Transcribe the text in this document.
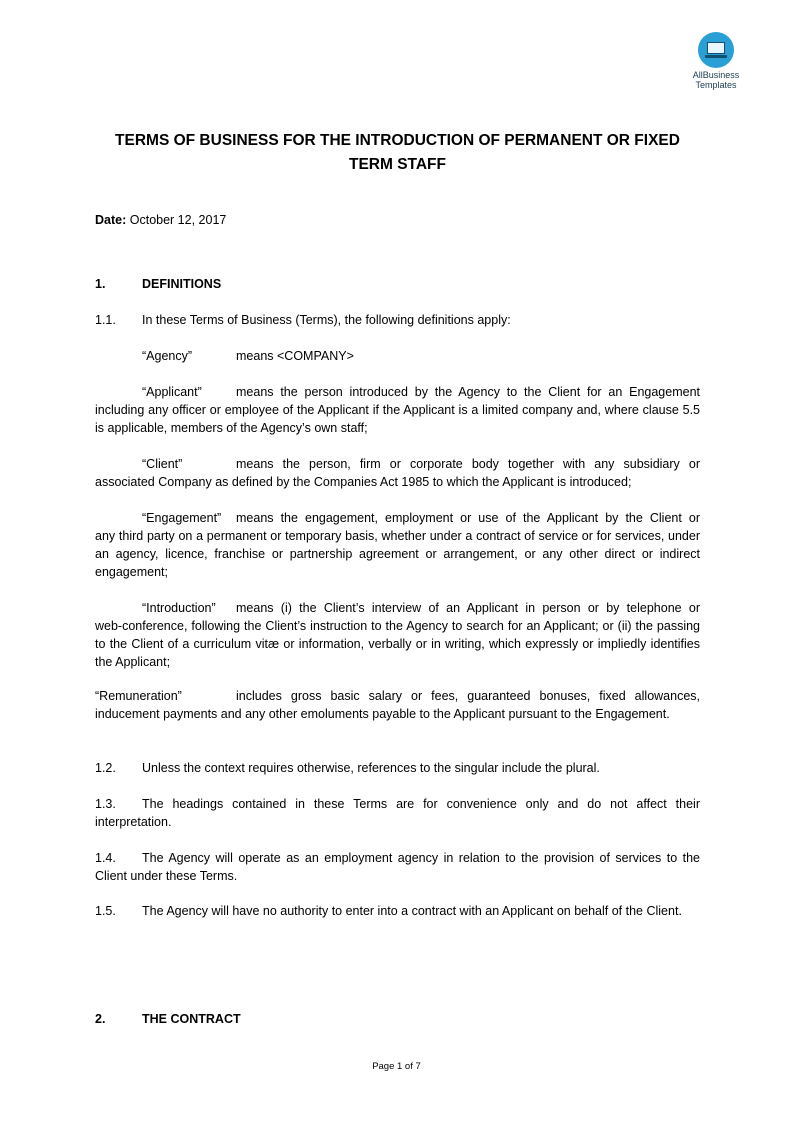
AllBusiness
Templates
TERMS OF BUSINESS FOR THE INTRODUCTION OF PERMANENT OR FIXED TERM STAFF
Date: October 12, 2017
1.	DEFINITIONS
1.1. In these Terms of Business (Terms), the following definitions apply:
“Agency”	means <COMPANY>
“Applicant”	means the person introduced by the Agency to the Client for an Engagement
including any officer or employee of the Applicant if the Applicant is a limited company and, where clause 5.5 is applicable, members of the Agency’s own staff;
“Client”	means the person, firm or corporate body together with any subsidiary or
associated Company as defined by the Companies Act 1985 to which the Applicant is introduced;
“Engagement” means the engagement, employment or use of the Applicant by the Client or
any third party on a permanent or temporary basis, whether under a contract of service or for services, under an agency, licence, franchise or partnership agreement or arrangement, or any other direct or indirect engagement;
“Introduction” means (i) the Client’s interview of an Applicant in person or by telephone or
web-conference, following the Client’s instruction to the Agency to search for an Applicant; or (ii) the passing to the Client of a curriculum vitæ or information, verbally or in writing, which expressly or impliedly identifies the Applicant;
“Remuneration”	includes gross basic salary or fees, guaranteed bonuses, fixed allowances,
inducement payments and any other emoluments payable to the Applicant pursuant to the Engagement.
1.2. Unless the context requires otherwise, references to the singular include the plural.
1.3. The headings contained in these Terms are for convenience only and do not affect their interpretation.
1.4. The Agency will operate as an employment agency in relation to the provision of services to the Client under these Terms.
1.5. The Agency will have no authority to enter into a contract with an Applicant on behalf of the Client.
2.	THE CONTRACT
Page 1 of 7
